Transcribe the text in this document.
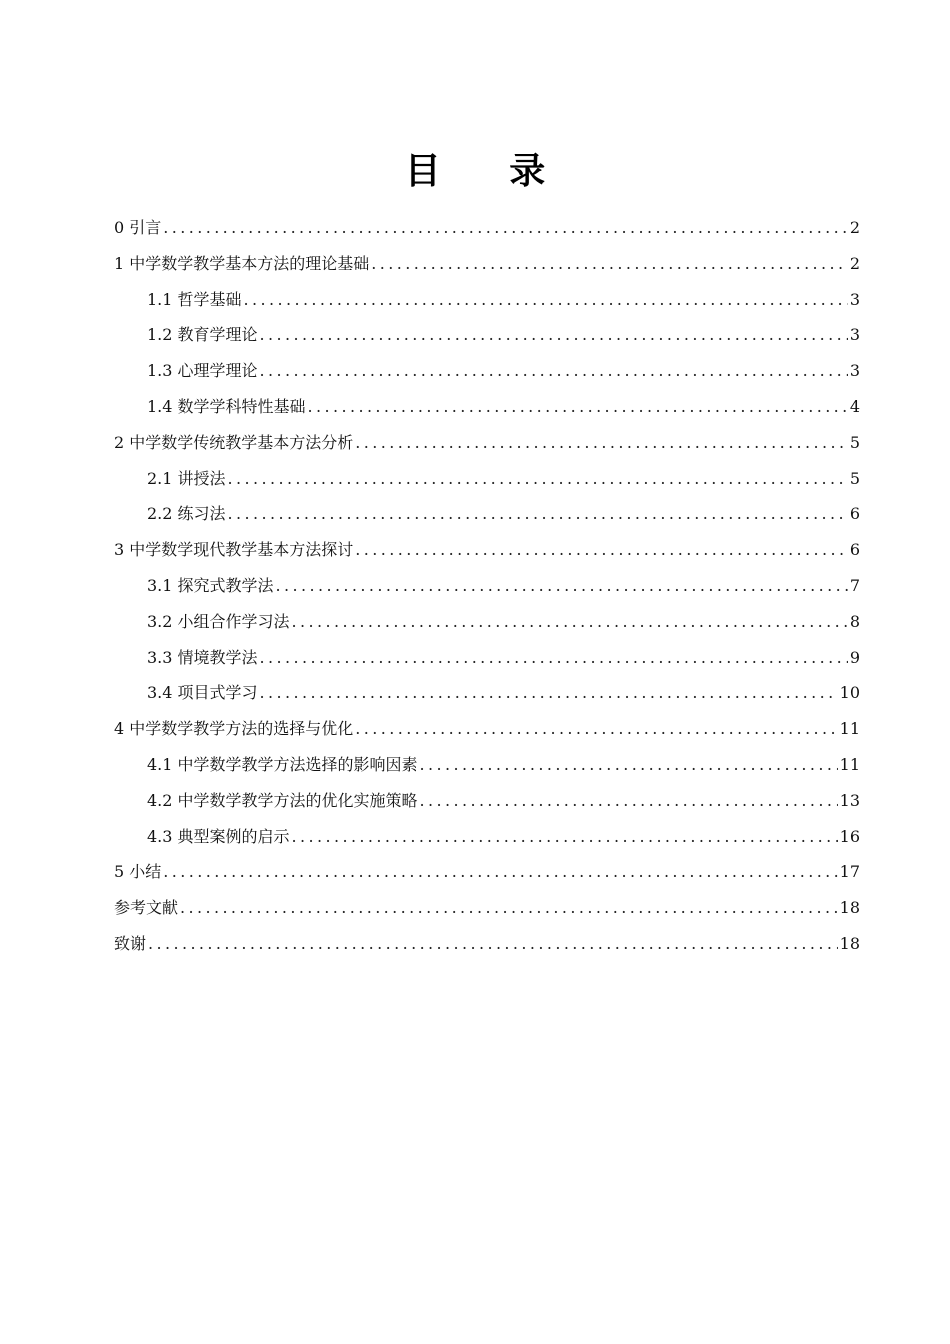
目 录
0 引言 .....	2
1 中学数学教学基本方法的理论基础 .....	2
1.1 哲学基础 .....	3
1.2 教育学理论 .....	3
1.3 心理学理论 .....	3
1.4 数学学科特性基础 .....	4
2 中学数学传统教学基本方法分析 .....	5
2.1 讲授法 .....	5
2.2 练习法 .....	6
3 中学数学现代教学基本方法探讨 .....	6
3.1 探究式教学法 .....	7
3.2 小组合作学习法 .....	8
3.3 情境教学法 .....	9
3.4 项目式学习 .....	10
4 中学数学教学方法的选择与优化 .....	11
4.1 中学数学教学方法选择的影响因素 .....	11
4.2 中学数学教学方法的优化实施策略 .....	13
4.3 典型案例的启示 .....	16
5 小结 .....	17
参考文献 .....	18
致谢 .....	18
